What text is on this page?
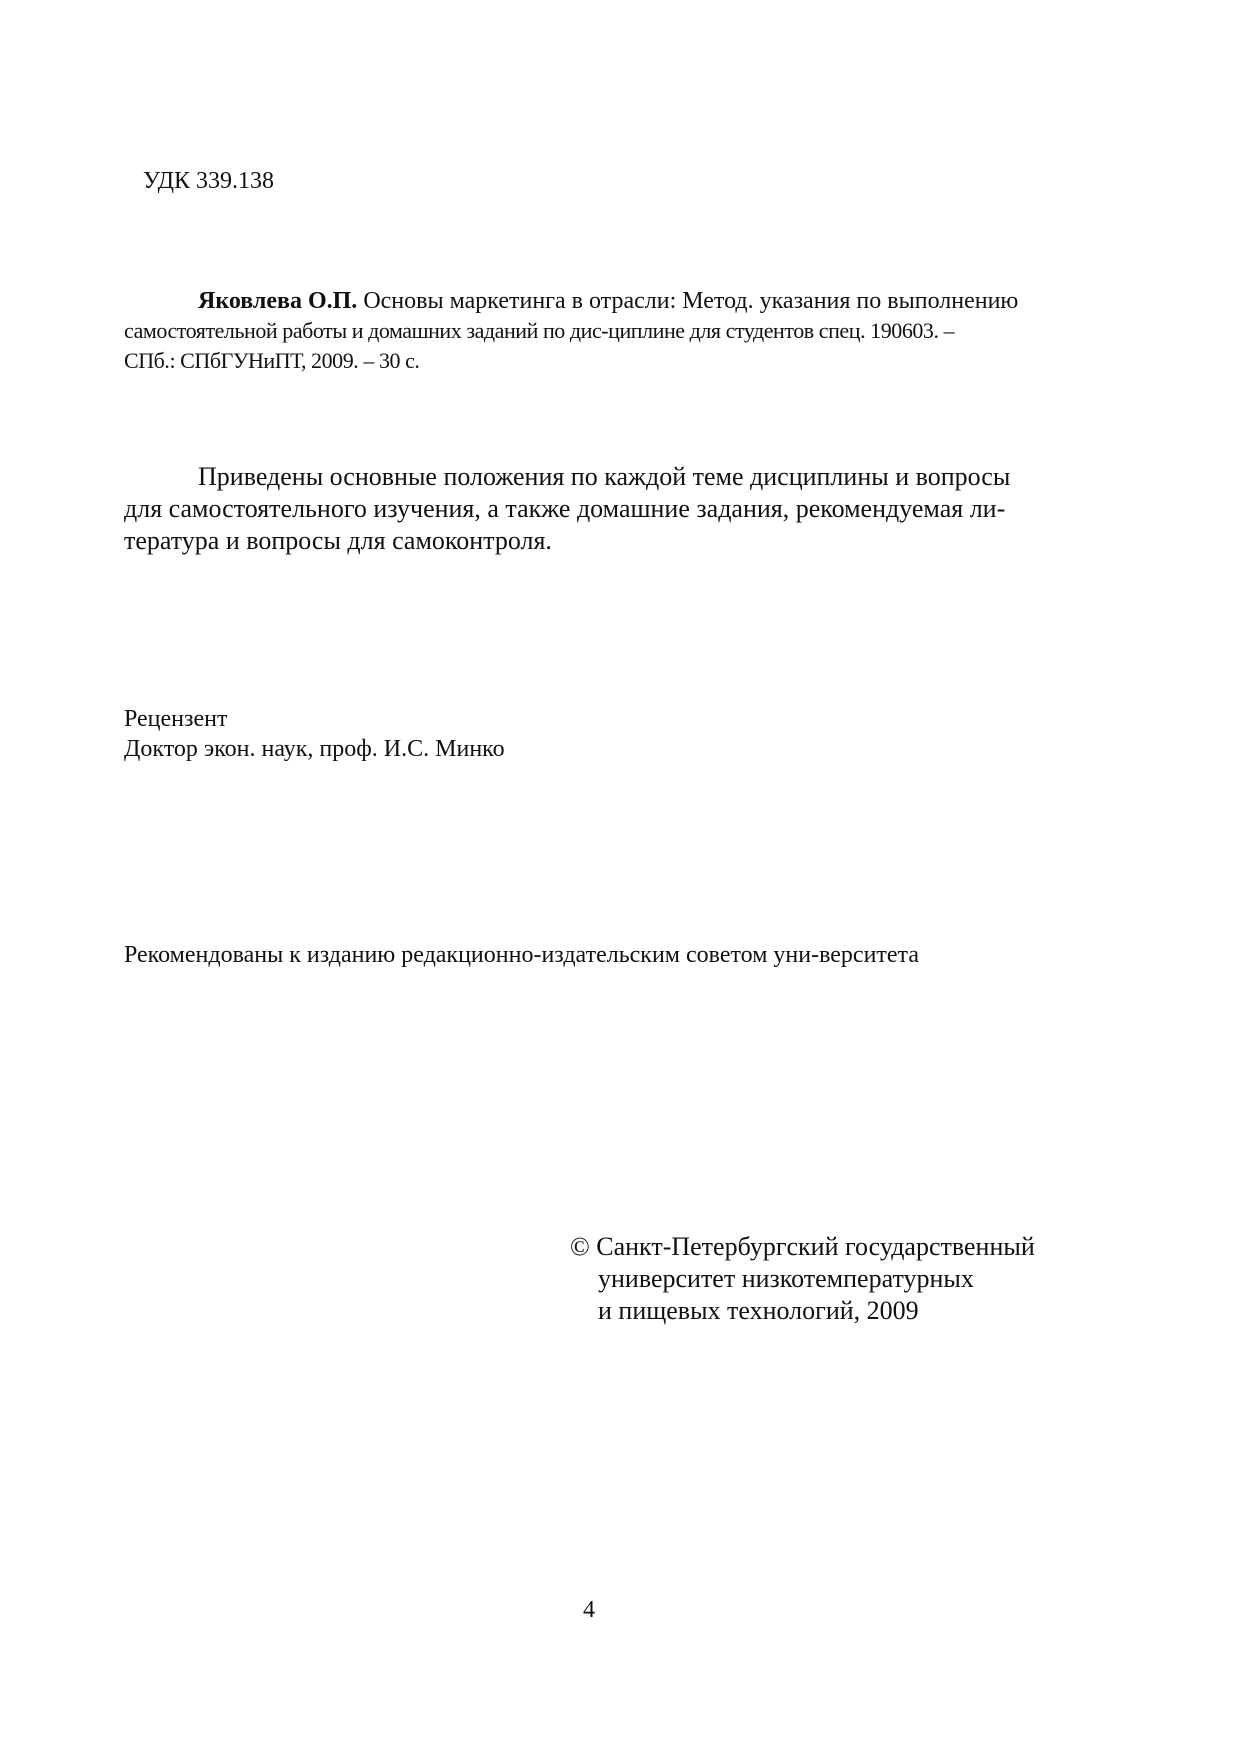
УДК 339.138
Яковлева О.П. Основы маркетинга в отрасли: Метод. указания по выполнению
самостоятельной работы и домашних заданий по дис-циплине для студентов спец. 190603. –
СПб.: СПбГУНиПТ, 2009. – 30 с.
Приведены основные положения по каждой теме дисциплины и вопросы
для самостоятельного изучения, а также домашние задания, рекомендуемая ли-
тература и вопросы для самоконтроля.
Рецензент
Доктор экон. наук, проф. И.С. Минко
Рекомендованы к изданию редакционно-издательским советом уни-верситета
© Санкт-Петербургский государственный
университет низкотемпературных
и пищевых технологий, 2009
4
